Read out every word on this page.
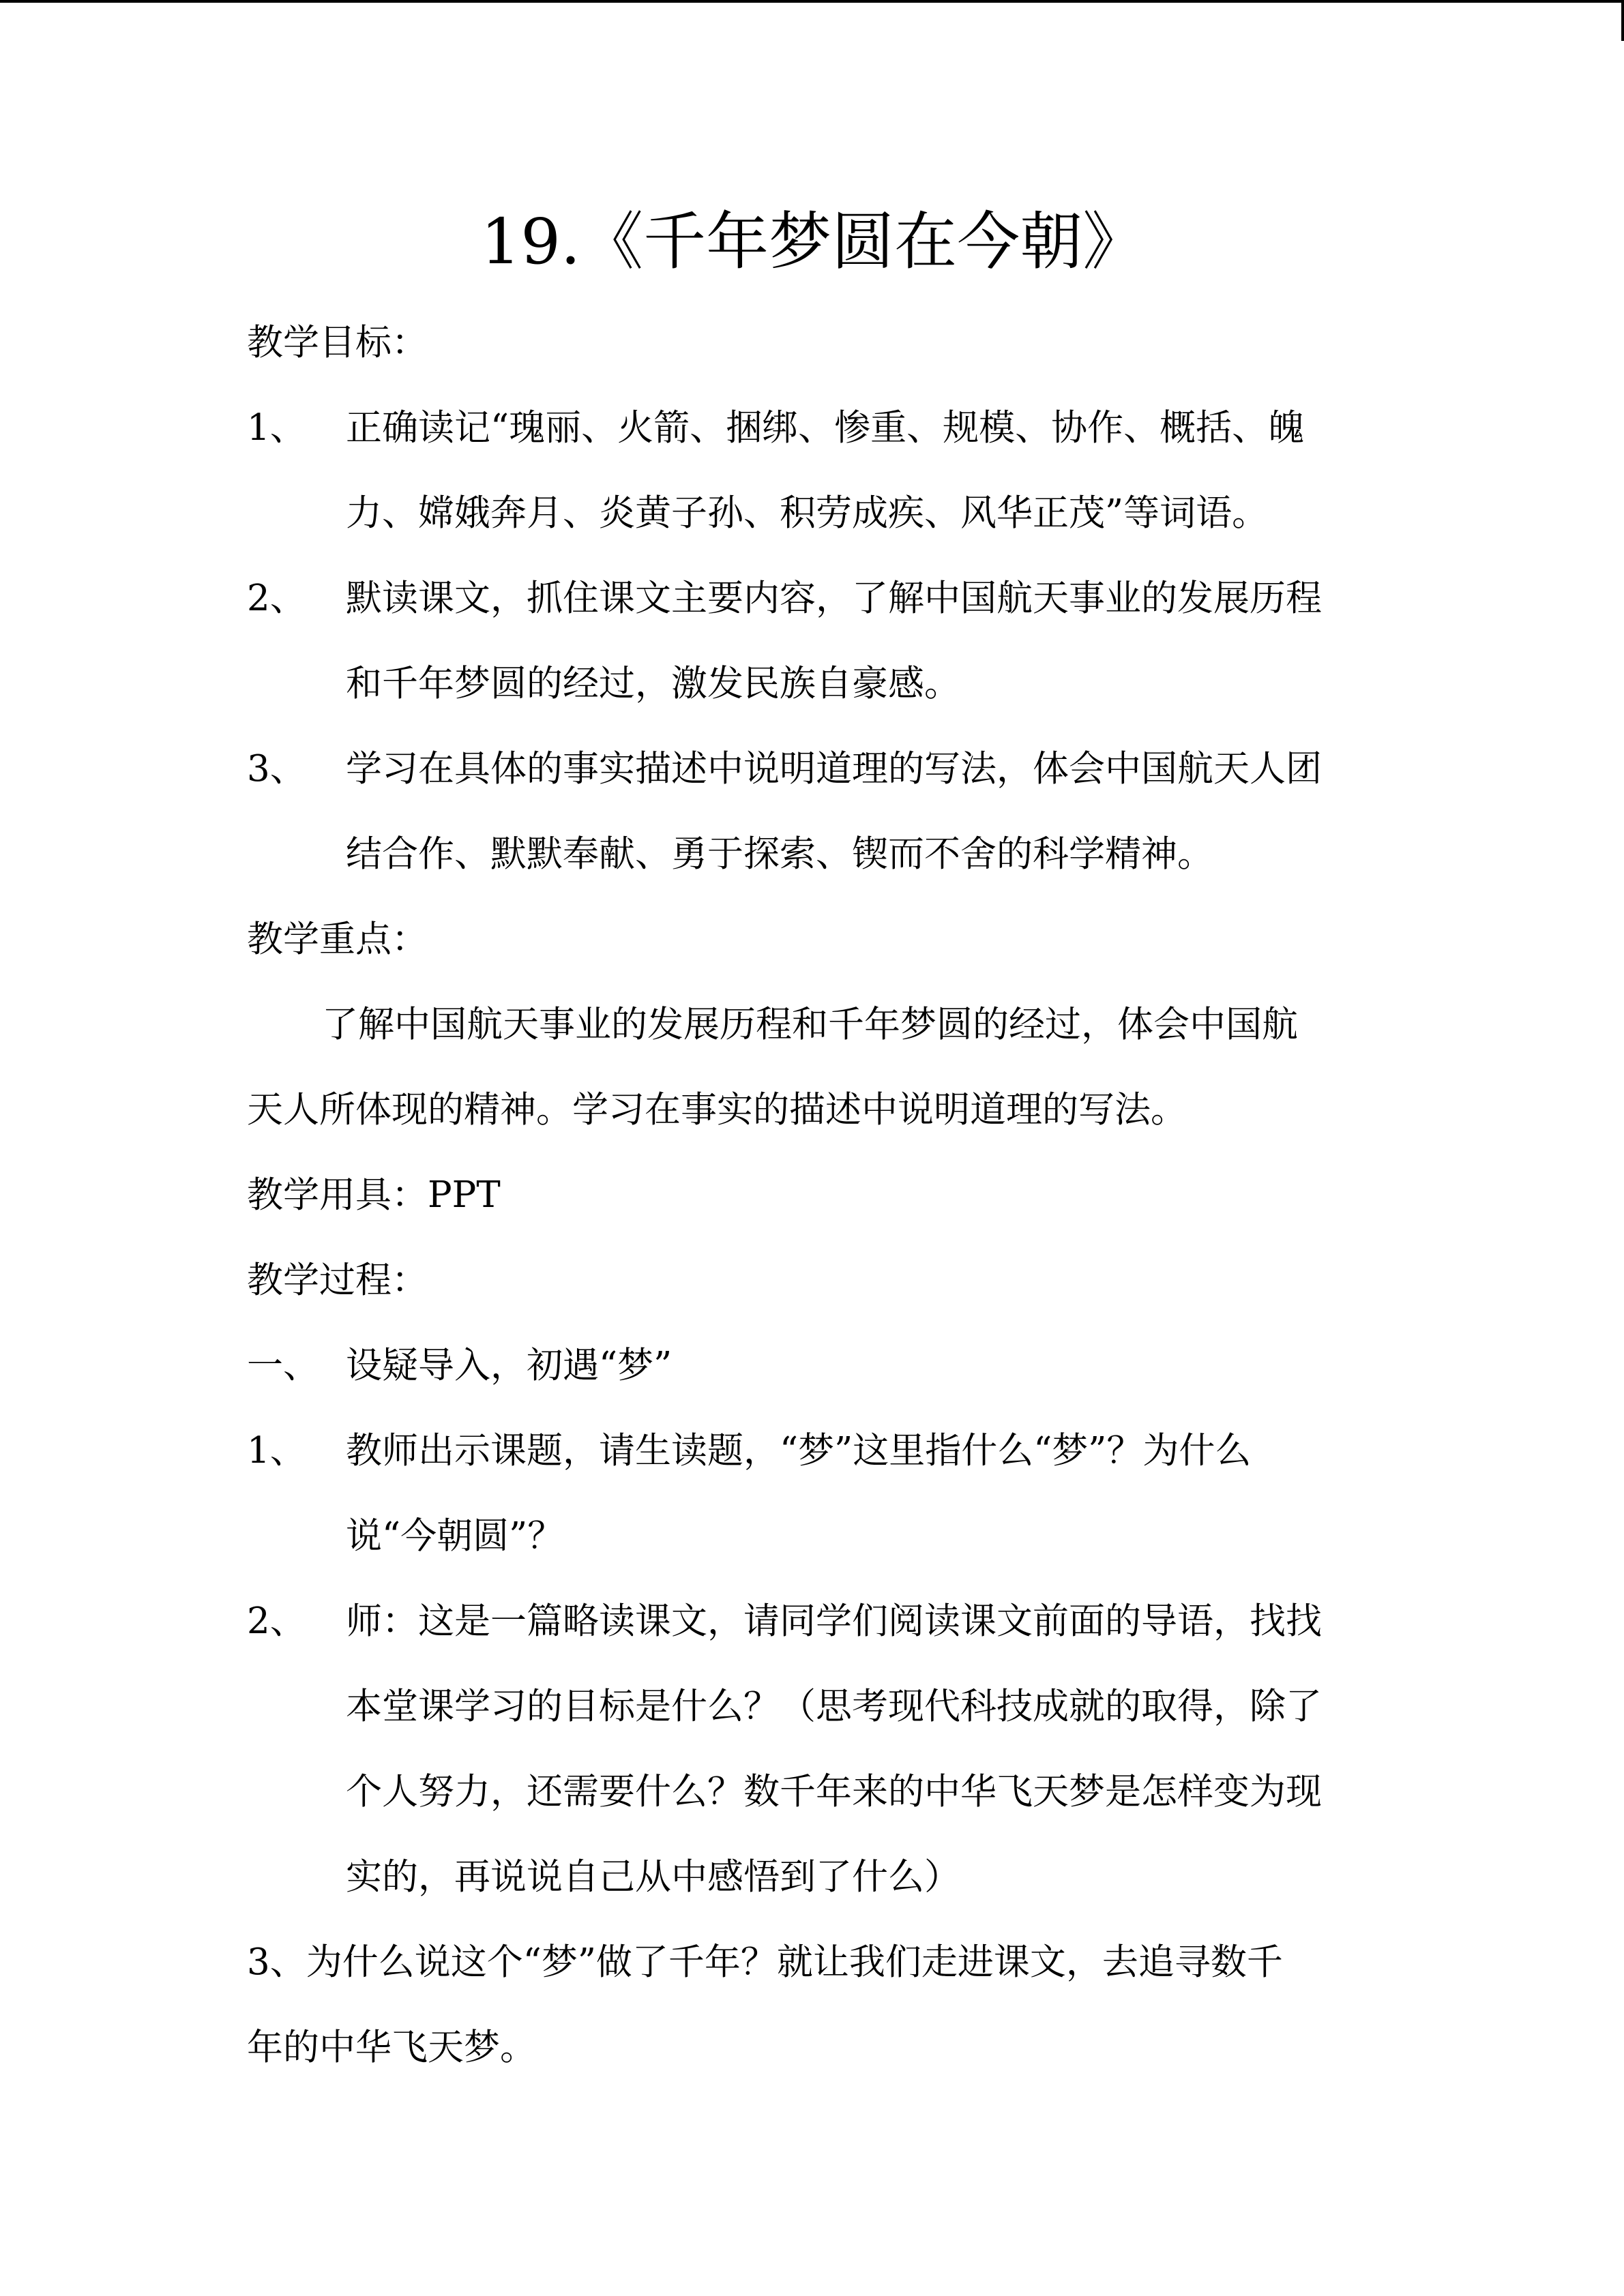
19.《千年梦圆在今朝》
教学目标：
1、 正确读记“瑰丽、火箭、捆绑、惨重、规模、协作、概括、魄
力、嫦娥奔月、炎黄子孙、积劳成疾、风华正茂”等词语。
2、 默读课文，抓住课文主要内容，了解中国航天事业的发展历程
和千年梦圆的经过，激发民族自豪感。
3、 学习在具体的事实描述中说明道理的写法，体会中国航天人团
结合作、默默奉献、勇于探索、锲而不舍的科学精神。
教学重点：
了解中国航天事业的发展历程和千年梦圆的经过，体会中国航
天人所体现的精神。学习在事实的描述中说明道理的写法。
教学用具：PPT
教学过程：
一、 设疑导入，初遇“梦”
1、 教师出示课题，请生读题，“梦”这里指什么“梦”？为什么
说“今朝圆”？
2、 师：这是一篇略读课文，请同学们阅读课文前面的导语，找找
本堂课学习的目标是什么？（思考现代科技成就的取得，除了
个人努力，还需要什么？数千年来的中华飞天梦是怎样变为现
实的，再说说自己从中感悟到了什么）
3、为什么说这个“梦”做了千年？就让我们走进课文，去追寻数千
年的中华飞天梦。
